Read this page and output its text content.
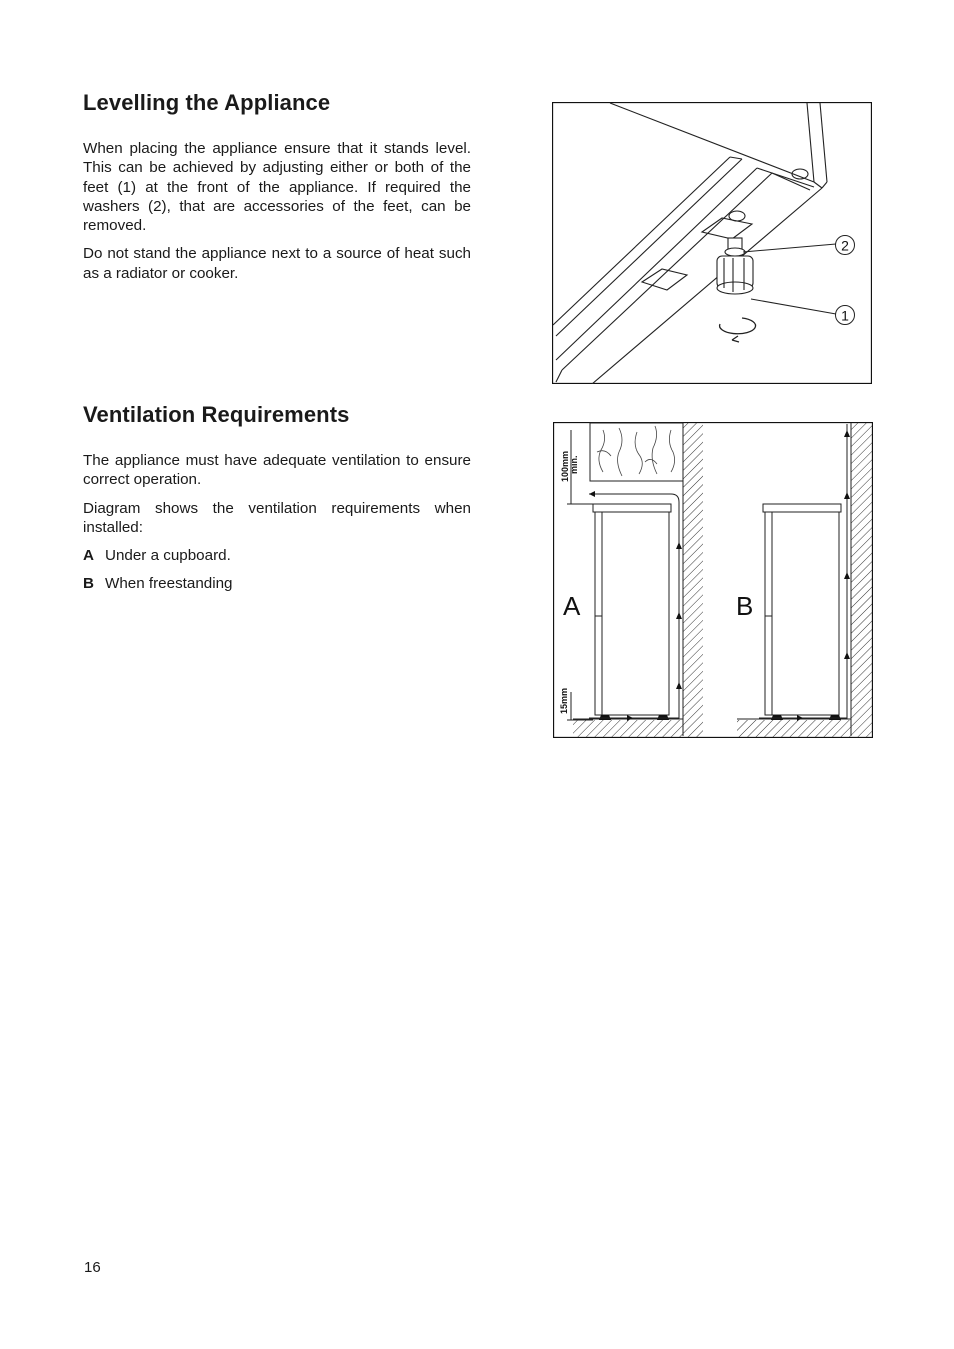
Levelling the Appliance

When placing the appliance ensure that it stands level. This can be achieved by adjusting either or both of the feet (1) at the front of the appliance. If required the washers (2), that are accessories of the feet, can be removed.

Do not stand the appliance next to a source of heat such as a radiator or cooker.

2
1
Ventilation Requirements

The appliance must have adequate ventilation to ensure correct operation.

Diagram shows the ventilation requirements when installed:

A Under a cupboard.
B When freestanding
A
100mm min.
15mm
B
16
